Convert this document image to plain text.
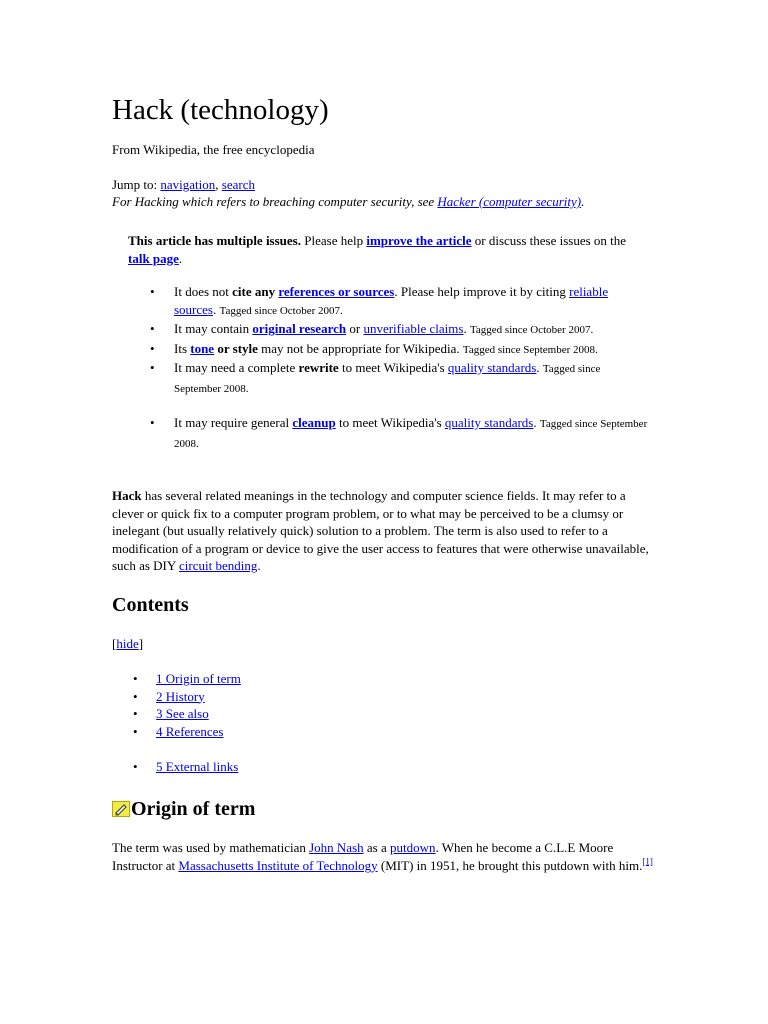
Hack (technology)
From Wikipedia, the free encyclopedia
Jump to: navigation, search
For Hacking which refers to breaching computer security, see Hacker (computer security).
This article has multiple issues. Please help improve the article or discuss these issues on the talk page.
• It does not cite any references or sources. Please help improve it by citing reliable sources. Tagged since October 2007.
• It may contain original research or unverifiable claims. Tagged since October 2007.
• Its tone or style may not be appropriate for Wikipedia. Tagged since September 2008.
• It may need a complete rewrite to meet Wikipedia's quality standards. Tagged since September 2008.
• It may require general cleanup to meet Wikipedia's quality standards. Tagged since September 2008.

Hack has several related meanings in the technology and computer science fields. It may refer to a clever or quick fix to a computer program problem, or to what may be perceived to be a clumsy or inelegant (but usually relatively quick) solution to a problem. The term is also used to refer to a modification of a program or device to give the user access to features that were otherwise unavailable, such as DIY circuit bending.

Contents
[hide]
• 1 Origin of term
• 2 History
• 3 See also
• 4 References
• 5 External links
Origin of term

The term was used by mathematician John Nash as a putdown. When he become a C.L.E Moore Instructor at Massachusetts Institute of Technology (MIT) in 1951, he brought this putdown with him.[1]
